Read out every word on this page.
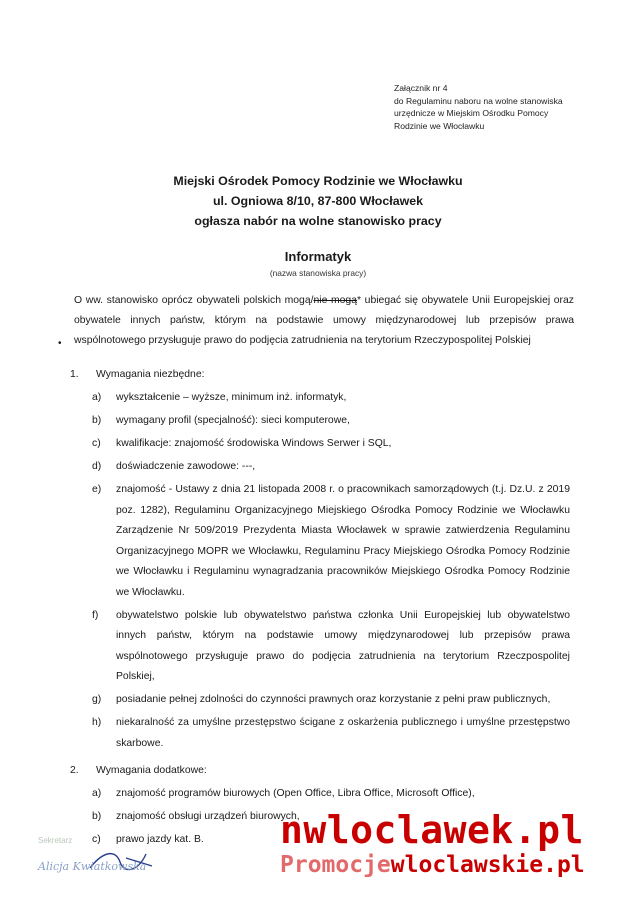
Załącznik nr 4
do Regulaminu naboru na wolne stanowiska
urzędnicze w Miejskim Ośrodku Pomocy
Rodzinie we Włocławku
Miejski Ośrodek Pomocy Rodzinie we Włocławku
ul. Ogniowa 8/10, 87-800 Włocławek
ogłasza nabór na wolne stanowisko pracy
Informatyk
(nazwa stanowiska pracy)
•
O ww. stanowisko oprócz obywateli polskich mogą/nie mogą* ubiegać się obywatele Unii Europejskiej oraz obywatele innych państw, którym na podstawie umowy międzynarodowej lub przepisów prawa wspólnotowego przysługuje prawo do podjęcia zatrudnienia na terytorium Rzeczypospolitej Polskiej
1. Wymagania niezbędne:
a)	wykształcenie – wyższe, minimum inż. informatyk,
b)	wymagany profil (specjalność): sieci komputerowe,
c)	kwalifikacje: znajomość środowiska Windows Serwer i SQL,
d)	doświadczenie zawodowe: ---,
e)	znajomość - Ustawy z dnia 21 listopada 2008 r. o pracownikach samorządowych (t.j. Dz.U. z 2019 poz. 1282), Regulaminu Organizacyjnego Miejskiego Ośrodka Pomocy Rodzinie we Włocławku Zarządzenie Nr 509/2019 Prezydenta Miasta Włocławek w sprawie zatwierdzenia Regulaminu Organizacyjnego MOPR we Włocławku, Regulaminu Pracy Miejskiego Ośrodka Pomocy Rodzinie we Włocławku i Regulaminu wynagradzania pracowników Miejskiego Ośrodka Pomocy Rodzinie we Włocławku.
f)	obywatelstwo polskie lub obywatelstwo państwa członka Unii Europejskiej lub obywatelstwo innych państw, którym na podstawie umowy międzynarodowej lub przepisów prawa wspólnotowego przysługuje prawo do podjęcia zatrudnienia na terytorium Rzeczpospolitej Polskiej,
g)	posiadanie pełnej zdolności do czynności prawnych oraz korzystanie z pełni praw publicznych,
h)	niekaralność za umyślne przestępstwo ścigane z oskarżenia publicznego i umyślne przestępstwo skarbowe.
2. Wymagania dodatkowe:
a)	znajomość programów biurowych (Open Office, Libra Office, Microsoft Office),
b)	znajomość obsługi urządzeń biurowych,
c)	prawo jazdy kat. B.
Sekretarz
Alicja Kwiatkowska
nwloclawek.pl
Promocjewloclawskie.pl
